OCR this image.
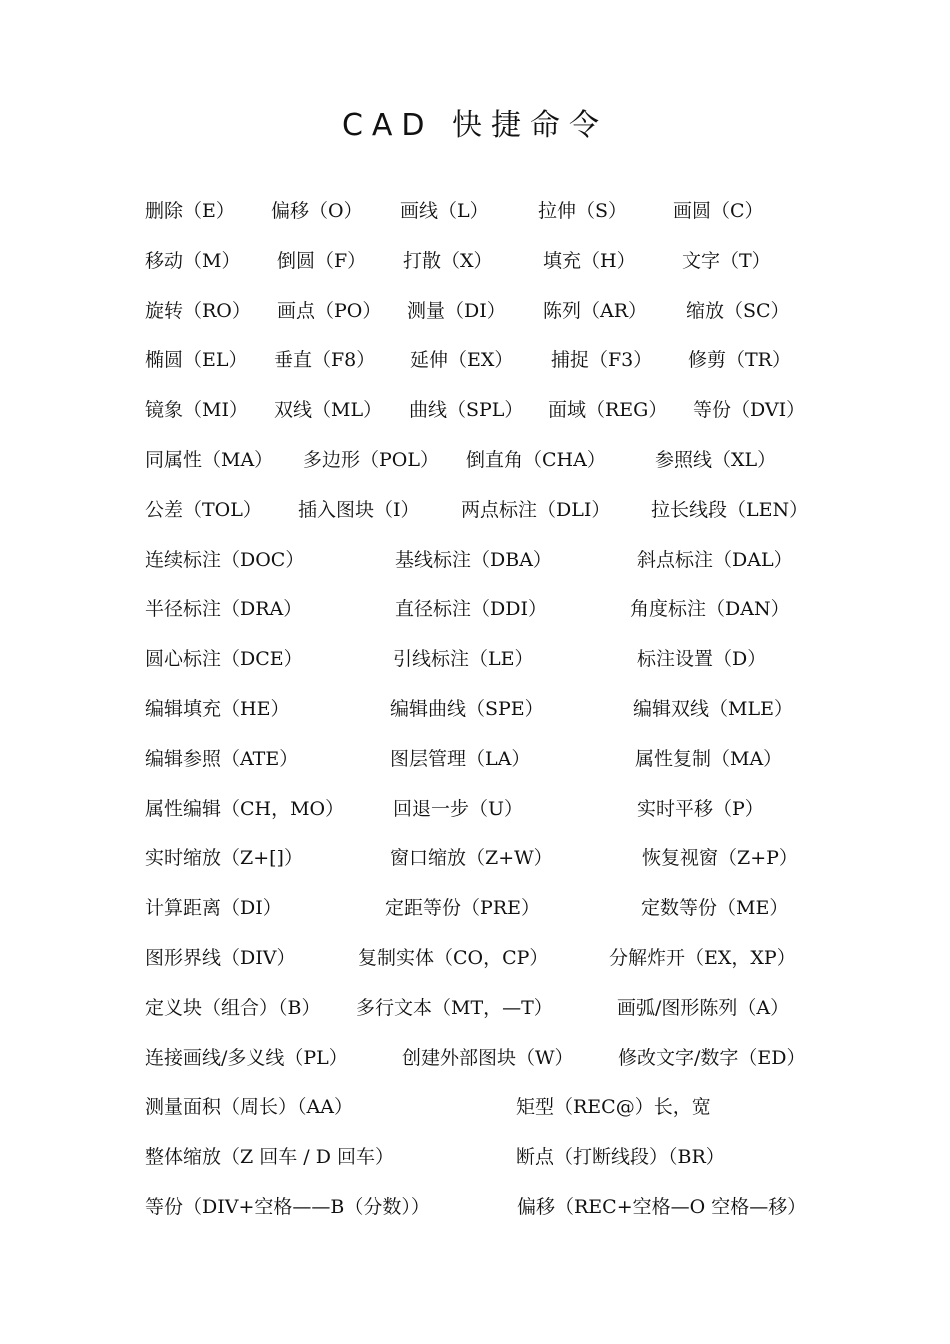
CAD 快捷命令
删除（E） 偏移（O） 画线（L）	拉伸（S） 画圆（C）
移动（M） 倒圆（F） 打散（X）	填充（H） 文字（T）
旋转（RO） 画点（PO） 测量（DI） 陈列（AR） 缩放（SC）
椭圆（EL） 垂直（F8） 延伸（EX） 捕捉（F3） 修剪（TR）
镜象（MI） 双线（ML） 曲线（SPL） 面域（REG） 等份（DVI）
同属性（MA） 多边形（POL） 倒直角（CHA）	参照线（XL）
公差（TOL） 插入图块（I） 两点标注（DLI） 拉长线段（LEN）
连续标注（DOC）	基线标注（DBA）	斜点标注（DAL）
半径标注（DRA）	直径标注（DDI）	角度标注（DAN）
圆心标注（DCE）	引线标注（LE）	标注设置（D）
编辑填充（HE）	编辑曲线（SPE）	编辑双线（MLE）
编辑参照（ATE）	图层管理（LA）	属性复制（MA）
属性编辑（CH，MO）	回退一步（U）	实时平移（P）
实时缩放（Z+[]）	窗口缩放（Z+W）	恢复视窗（Z+P）
计算距离（DI）	定距等份（PRE）	定数等份（ME）
图形界线（DIV）	复制实体（CO，CP）	分解炸开（EX，XP）
定义块（组合）（B） 多行文本（MT，—T）	画弧/图形陈列（A）
连接画线/多义线（PL）	创建外部图块（W） 修改文字/数字（ED）
测量面积（周长）（AA）	矩型（REC@）长，宽
整体缩放（Z 回车 / D 回车）	断点（打断线段）（BR）
等份（DIV+空格——B（分数））	偏移（REC+空格—O 空格—移）
